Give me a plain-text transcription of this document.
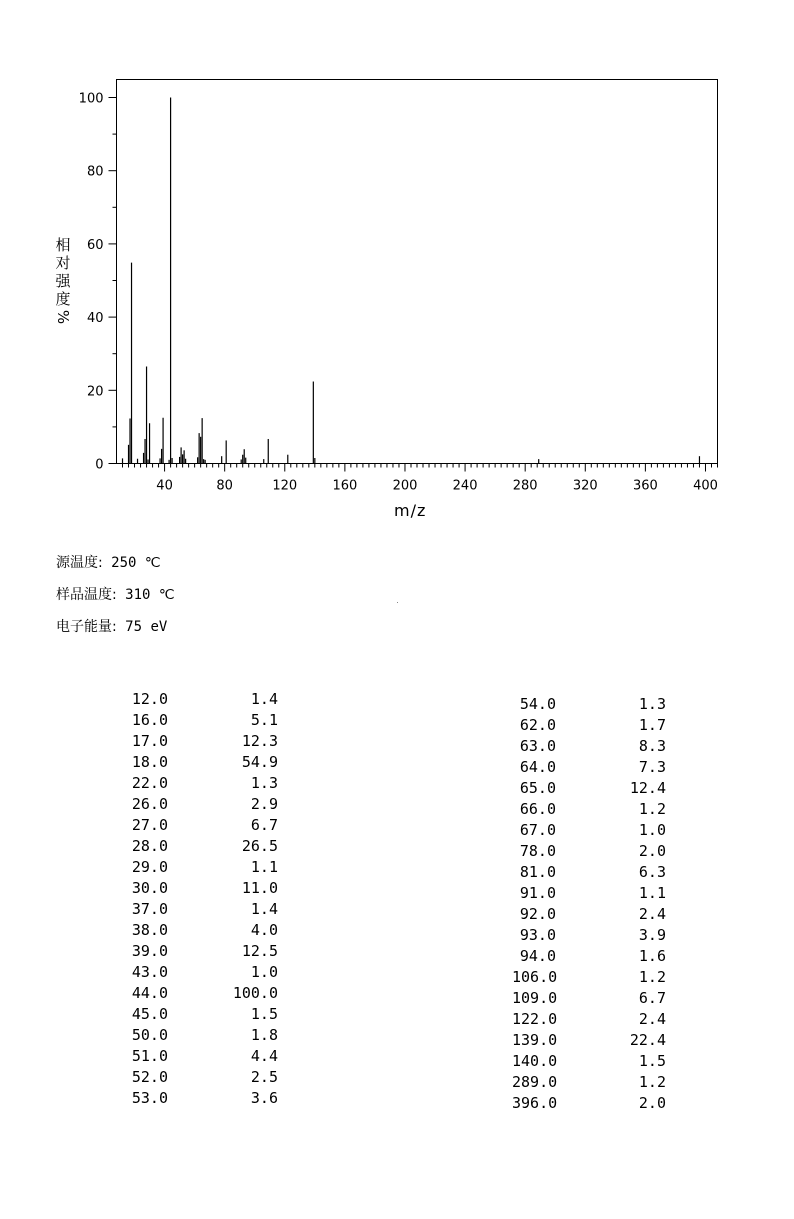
0
20
40
60
80
100
40	80	120	160	200	240	280	320	360	400
相
对
强
度
%
m/z
源温度: 250 ℃
样品温度: 310 ℃
电子能量: 75 eV
12.0	1.4
16.0	5.1
17.0	12.3
18.0	54.9
22.0	1.3
26.0	2.9
27.0	6.7
28.0	26.5
29.0	1.1
30.0	11.0
37.0	1.4
38.0	4.0
39.0	12.5
43.0	1.0
44.0	100.0
45.0	1.5
50.0	1.8
51.0	4.4
52.0	2.5
53.0	3.6
54.0	1.3
62.0	1.7
63.0	8.3
64.0	7.3
65.0	12.4
66.0	1.2
67.0	1.0
78.0	2.0
81.0	6.3
91.0	1.1
92.0	2.4
93.0	3.9
94.0	1.6
106.0	1.2
109.0	6.7
122.0	2.4
139.0	22.4
140.0	1.5
289.0	1.2
396.0	2.0
